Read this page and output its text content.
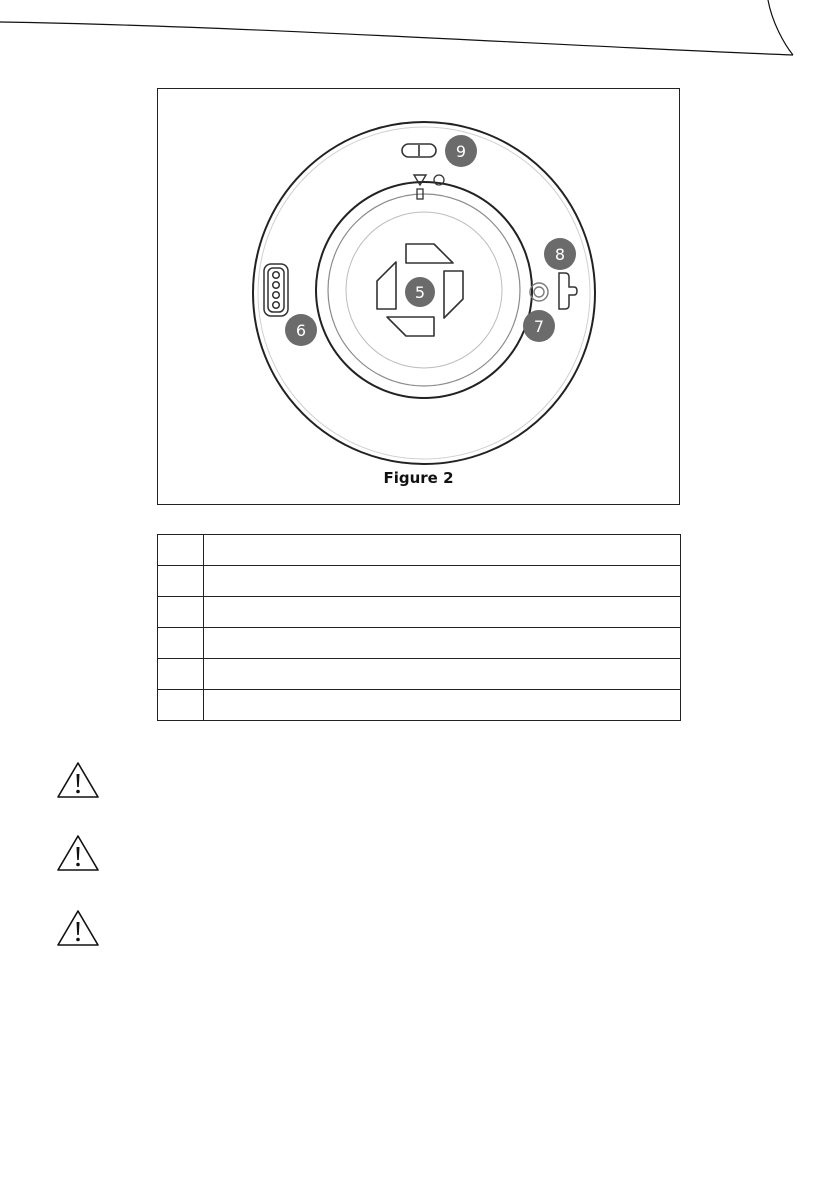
5
6	7
8
9
Figure 2
